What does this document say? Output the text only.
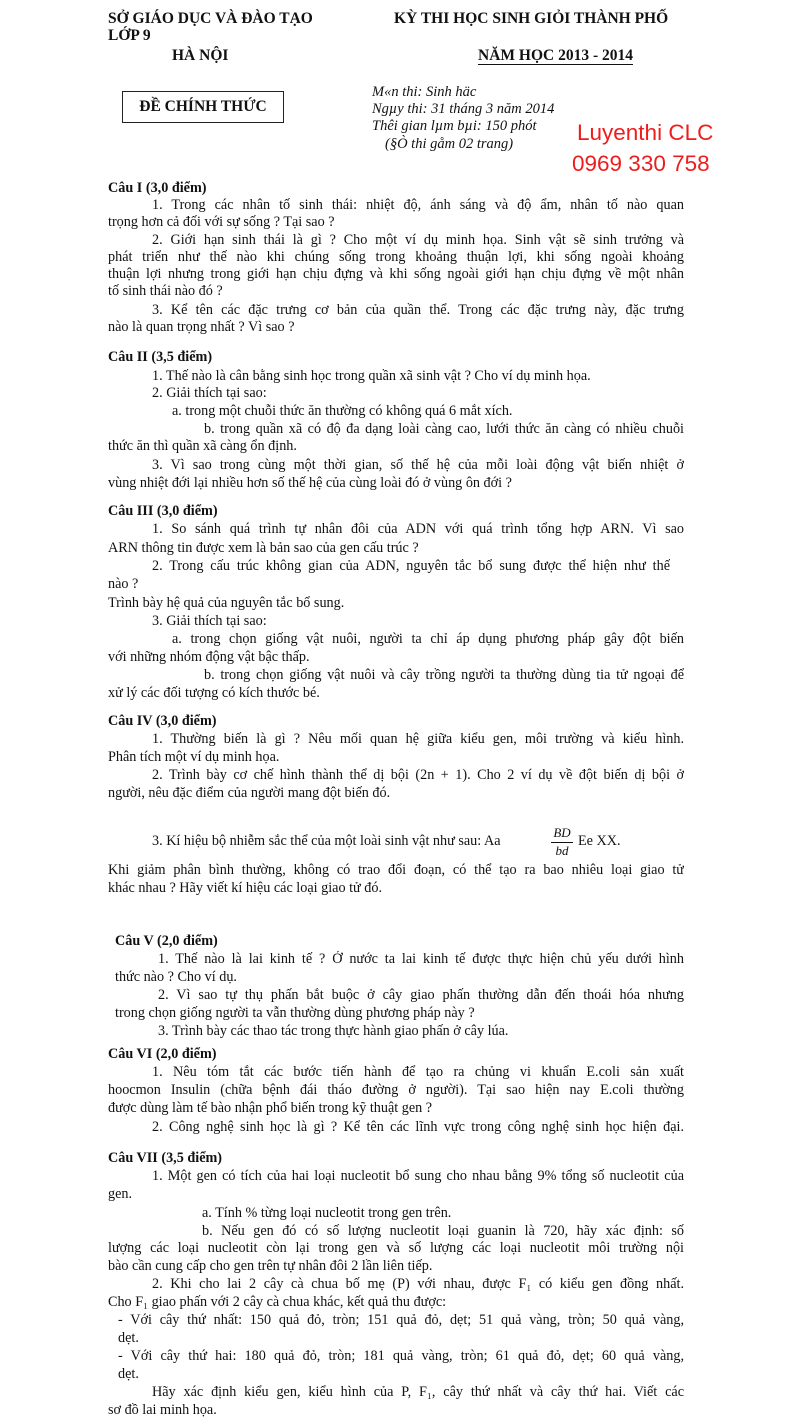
SỞ GIÁO DỤC VÀ ĐÀO TẠO
LỚP 9
HÀ NỘI
KỲ THI HỌC SINH GIỎI THÀNH PHỐ
NĂM HỌC 2013 - 2014
ĐỀ CHÍNH THỨC
M«n thi: Sinh häc
Ngµy thi: 31 tháng 3 năm 2014
Thêi gian lµm bµi: 150 phót
(§Ò thi gåm 02 trang)	Luyenthi CLC
0969 330 758
Câu I (3,0 điểm)
1. Trong các nhân tố sinh thái: nhiệt độ, ánh sáng và độ ẩm, nhân tố nào quan
trọng hơn cả đối với sự sống ? Tại sao ?
2. Giới hạn sinh thái là gì ? Cho một ví dụ minh họa. Sinh vật sẽ sinh trưởng và
phát triển như thế nào khi chúng sống trong khoảng thuận lợi, khi sống ngoài khoảng
thuận lợi nhưng trong giới hạn chịu đựng và khi sống ngoài giới hạn chịu đựng về một nhân
tố sinh thái nào đó ?
3. Kể tên các đặc trưng cơ bản của quần thể. Trong các đặc trưng này, đặc trưng
nào là quan trọng nhất ? Vì sao ?
Câu II (3,5 điểm)
1. Thế nào là cân bằng sinh học trong quần xã sinh vật ? Cho ví dụ minh họa.
2. Giải thích tại sao:
a. trong một chuỗi thức ăn thường có không quá 6 mắt xích.
b. trong quần xã có độ đa dạng loài càng cao, lưới thức ăn càng có nhiều chuỗi
thức ăn thì quần xã càng ổn định.
3. Vì sao trong cùng một thời gian, số thế hệ của mỗi loài động vật biến nhiệt ở
vùng nhiệt đới lại nhiều hơn số thế hệ của cùng loài đó ở vùng ôn đới ?
Câu III (3,0 điểm)
1. So sánh quá trình tự nhân đôi của ADN với quá trình tổng hợp ARN. Vì sao
ARN thông tin được xem là bản sao của gen cấu trúc ?
2. Trong cấu trúc không gian của ADN, nguyên tắc bổ sung được thể hiện như thế
nào ?
Trình bày hệ quả của nguyên tắc bổ sung.
3. Giải thích tại sao:
a. trong chọn giống vật nuôi, người ta chỉ áp dụng phương pháp gây đột biến
với những nhóm động vật bậc thấp.
b. trong chọn giống vật nuôi và cây trồng người ta thường dùng tia tử ngoại để
xử lý các đối tượng có kích thước bé.
Câu IV (3,0 điểm)
1. Thường biến là gì ? Nêu mối quan hệ giữa kiểu gen, môi trường và kiểu hình.
Phân tích một ví dụ minh họa.
2. Trình bày cơ chế hình thành thể dị bội (2n + 1). Cho 2 ví dụ về đột biến dị bội ở
người, nêu đặc điểm của người mang đột biến đó.
3. Kí hiệu bộ nhiễm sắc thể của một loài sinh vật như sau: Aa
Khi giảm phân bình thường, không có trao đổi đoạn, có thể tạo ra bao nhiêu loại giao tử
khác nhau ? Hãy viết kí hiệu các loại giao tử đó.
Câu V (2,0 điểm)
1. Thế nào là lai kinh tế ? Ở nước ta lai kinh tế được thực hiện chủ yếu dưới hình
thức nào ? Cho ví dụ.
2. Vì sao tự thụ phấn bắt buộc ở cây giao phấn thường dẫn đến thoái hóa nhưng
trong chọn giống người ta vẫn thường dùng phương pháp này ?
3. Trình bày các thao tác trong thực hành giao phấn ở cây lúa.
Câu VI (2,0 điểm)
1. Nêu tóm tắt các bước tiến hành để tạo ra chủng vi khuẩn E.coli sản xuất
hoocmon Insulin (chữa bệnh đái tháo đường ở người). Tại sao hiện nay E.coli thường
được dùng làm tế bào nhận phổ biến trong kỹ thuật gen ?
2. Công nghệ sinh học là gì ? Kể tên các lĩnh vực trong công nghệ sinh học hiện đại.
Câu VII (3,5 điểm)
1. Một gen có tích của hai loại nucleotit bổ sung cho nhau bằng 9% tổng số nucleotit của
gen.
a. Tính % từng loại nucleotit trong gen trên.
b. Nếu gen đó có số lượng nucleotit loại guanin là 720, hãy xác định: số
lượng các loại nucleotit còn lại trong gen và số lượng các loại nucleotit môi trường nội
bào cần cung cấp cho gen trên tự nhân đôi 2 lần liên tiếp.
2. Khi cho lai 2 cây cà chua bố mẹ (P) với nhau, được F₁ có kiểu gen đồng nhất.
Cho F₁ giao phấn với 2 cây cà chua khác, kết quả thu được:
- Với cây thứ nhất: 150 quả đỏ, tròn; 151 quả đỏ, dẹt; 51 quả vàng, tròn; 50 quả vàng,
dẹt.
- Với cây thứ hai: 180 quả đỏ, tròn; 181 quả vàng, tròn; 61 quả đỏ, dẹt; 60 quả vàng,
dẹt.
Hãy xác định kiểu gen, kiểu hình của P, F₁, cây thứ nhất và cây thứ hai. Viết các
sơ đồ lai minh họa.
BD
bd
Ee XX.
